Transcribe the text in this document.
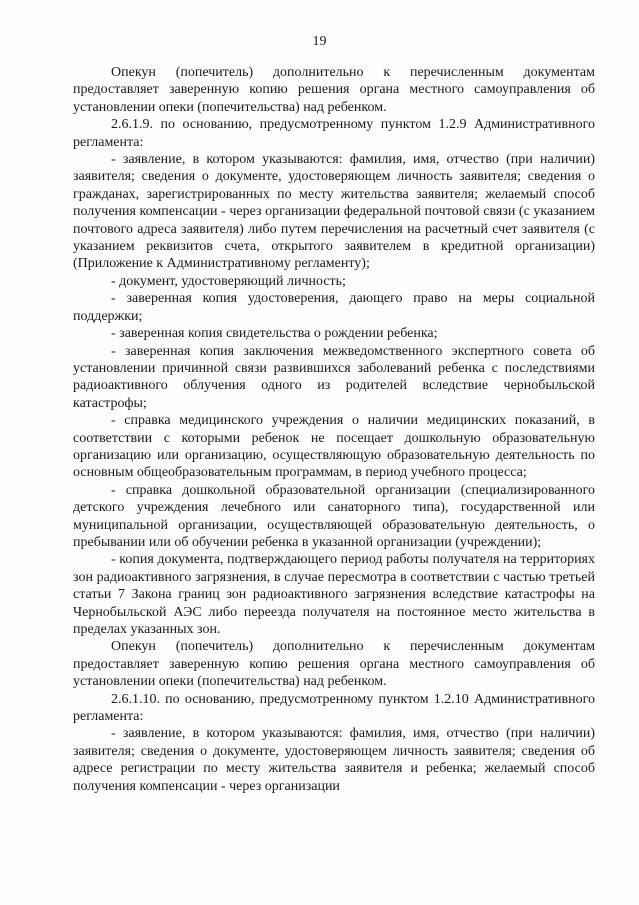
19

Опекун (попечитель) дополнительно к перечисленным документам предоставляет заверенную копию решения органа местного самоуправления об установлении опеки (попечительства) над ребенком.

2.6.1.9. по основанию, предусмотренному пунктом 1.2.9 Административного регламента:

- заявление, в котором указываются: фамилия, имя, отчество (при наличии) заявителя; сведения о документе, удостоверяющем личность заявителя; сведения о гражданах, зарегистрированных по месту жительства заявителя; желаемый способ получения компенсации - через организации федеральной почтовой связи (с указанием почтового адреса заявителя) либо путем перечисления на расчетный счет заявителя (с указанием реквизитов счета, открытого заявителем в кредитной организации) (Приложение к Административному регламенту);

- документ, удостоверяющий личность;

- заверенная копия удостоверения, дающего право на меры социальной поддержки;

- заверенная копия свидетельства о рождении ребенка;

- заверенная копия заключения межведомственного экспертного совета об установлении причинной связи развившихся заболеваний ребенка с последствиями радиоактивного облучения одного из родителей вследствие чернобыльской катастрофы;

- справка медицинского учреждения о наличии медицинских показаний, в соответствии с которыми ребенок не посещает дошкольную образовательную организацию или организацию, осуществляющую образовательную деятельность по основным общеобразовательным программам, в период учебного процесса;

- справка дошкольной образовательной организации (специализированного детского учреждения лечебного или санаторного типа), государственной или муниципальной организации, осуществляющей образовательную деятельность, о пребывании или об обучении ребенка в указанной организации (учреждении);

- копия документа, подтверждающего период работы получателя на территориях зон радиоактивного загрязнения, в случае пересмотра в соответствии с частью третьей статьи 7 Закона границ зон радиоактивного загрязнения вследствие катастрофы на Чернобыльской АЭС либо переезда получателя на постоянное место жительства в пределах указанных зон.

Опекун (попечитель) дополнительно к перечисленным документам предоставляет заверенную копию решения органа местного самоуправления об установлении опеки (попечительства) над ребенком.

2.6.1.10. по основанию, предусмотренному пунктом 1.2.10 Административного регламента:

- заявление, в котором указываются: фамилия, имя, отчество (при наличии) заявителя; сведения о документе, удостоверяющем личность заявителя; сведения об адресе регистрации по месту жительства заявителя и ребенка; желаемый способ получения компенсации - через организации
